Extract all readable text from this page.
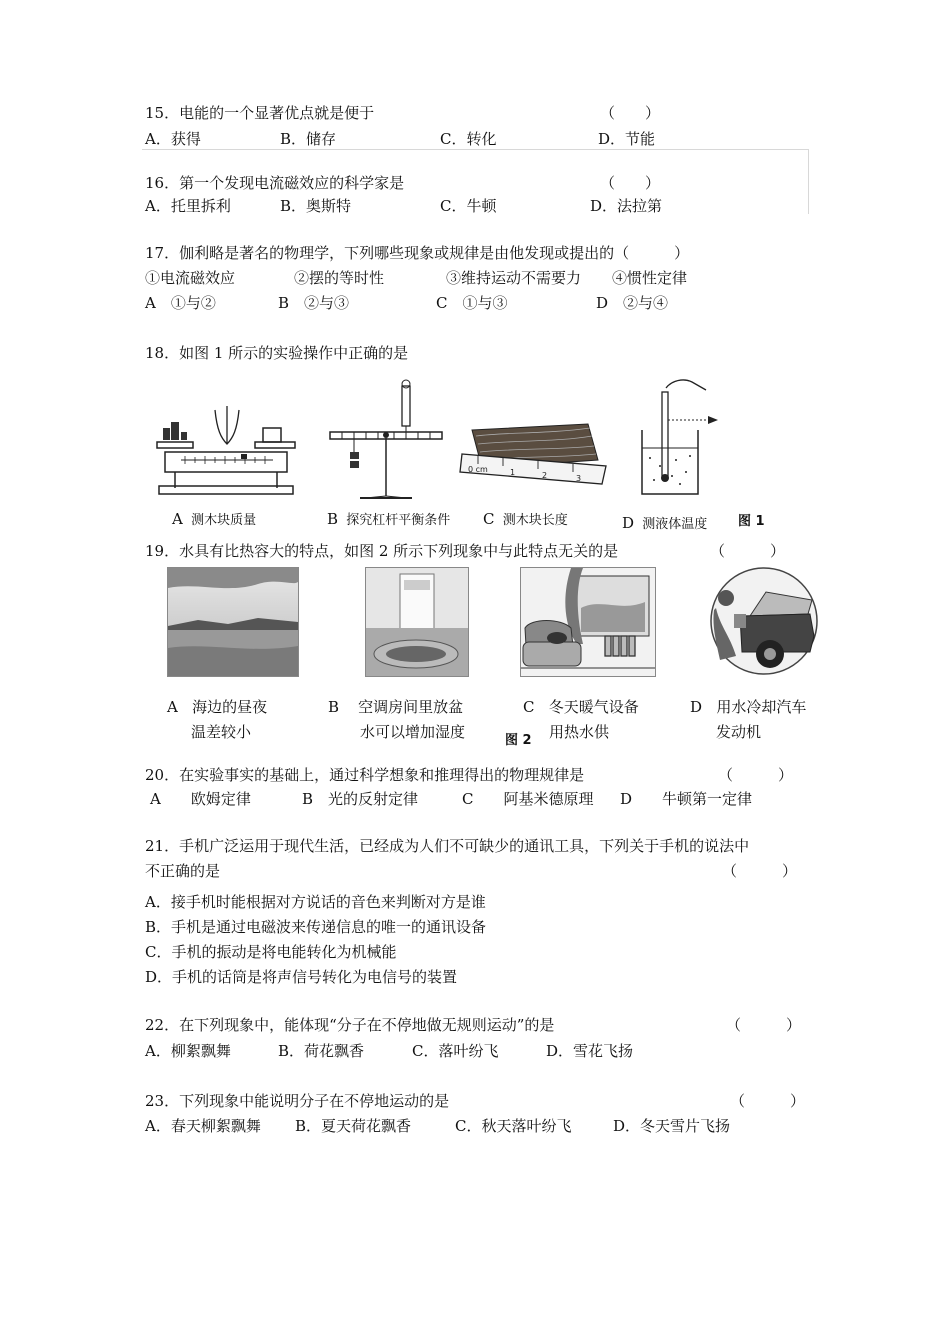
15．电能的一个显著优点就是便于	（　　）
A．获得	B．储存	C．转化	D．节能
16．第一个发现电流磁效应的科学家是	（　　）
A．托里拆利	B．奥斯特	C．牛顿	D．法拉第
17．伽利略是著名的物理学，下列哪些现象或规律是由他发现或提出的（　　　）
①电流磁效应	②摆的等时性	③维持运动不需要力 ④惯性定律
A　①与②	B　②与③	C　①与③	D　②与④
18．如图 1 所示的实验操作中正确的是
0 cm	1	2	3
A 测木块质量	B 探究杠杆平衡条件 C 测木块长度	D 测液体温度 图 1
19．水具有比热容大的特点，如图 2 所示下列现象中与此特点无关的是	（　　　）
A 海边的昼夜
温差较小
B 空调房间里放盆
水可以增加湿度
C 冬天暖气设备
用热水供
D 用水冷却汽车
发动机
图 2
20．在实验事实的基础上，通过科学想象和推理得出的物理规律是	（　　　）
A　　欧姆定律	B　光的反射定律	C　　阿基米德原理 D　　牛顿第一定律
21．手机广泛运用于现代生活，已经成为人们不可缺少的通讯工具，下列关于手机的说法中
不正确的是	（　　　）
A．接手机时能根据对方说话的音色来判断对方是谁
B．手机是通过电磁波来传递信息的唯一的通讯设备
C．手机的振动是将电能转化为机械能
D．手机的话筒是将声信号转化为电信号的装置
22．在下列现象中，能体现“分子在不停地做无规则运动”的是	（　　　）
A．柳絮飘舞	B．荷花飘香	C．落叶纷飞	D．雪花飞扬
23．下列现象中能说明分子在不停地运动的是	（　　　）
A．春天柳絮飘舞 B．夏天荷花飘香	C．秋天落叶纷飞	D．冬天雪片飞扬
